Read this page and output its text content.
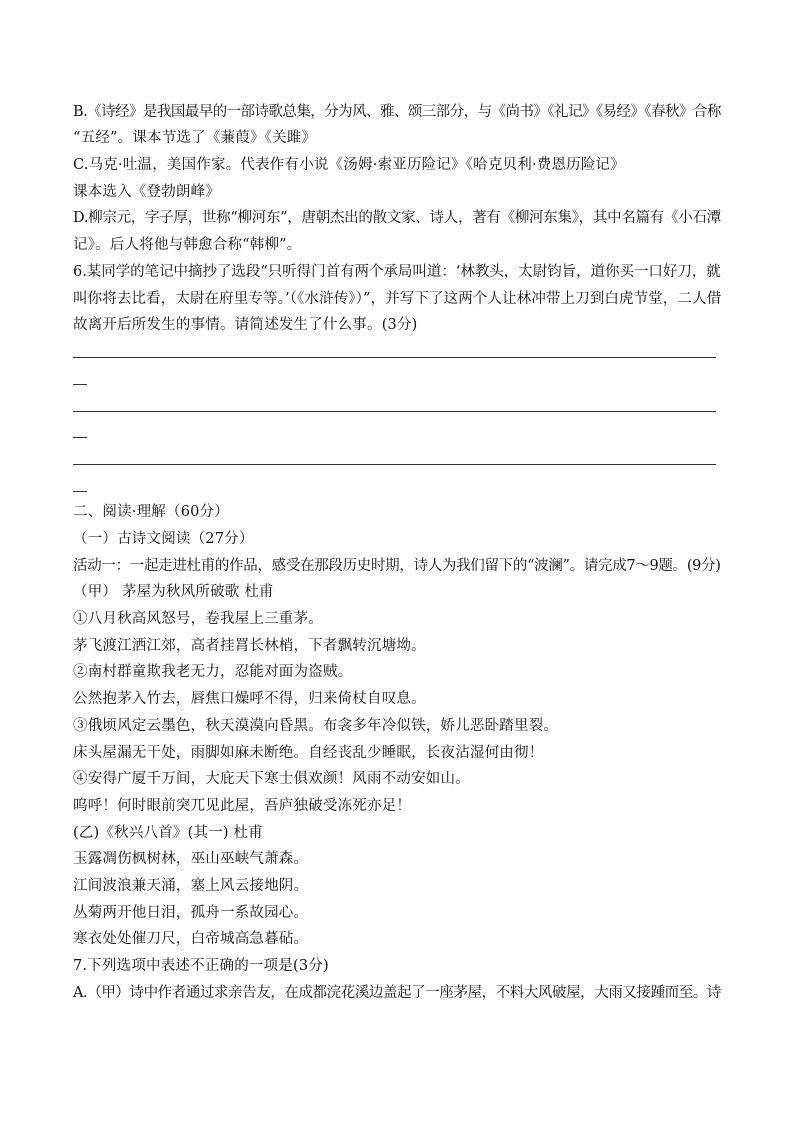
B.《诗经》是我国最早的一部诗歌总集，分为风、雅、颂三部分，与《尚书》《礼记》《易经》《春秋》合称
“五经”。课本节选了《蒹葭》《关雎》
C.马克·吐温，美国作家。代表作有小说《汤姆·索亚历险记》《哈克贝利·费恩历险记》
课本选入《登勃朗峰》
D.柳宗元，字子厚，世称“柳河东”，唐朝杰出的散文家、诗人，著有《柳河东集》，其中名篇有《小石潭
记》。后人将他与韩愈合称“韩柳”。
6.某同学的笔记中摘抄了选段“只听得门首有两个承局叫道：‘林教头，太尉钧旨，道你买一口好刀，就
叫你将去比看，太尉在府里专等。’（《水浒传》）”，并写下了这两个人让林冲带上刀到白虎节堂，二人借
故离开后所发生的事情。请简述发生了什么事。(3分)
二、阅读·理解（60分）
（一）古诗文阅读（27分）
活动一：一起走进杜甫的作品，感受在那段历史时期，诗人为我们留下的“波澜”。请完成7～9题。(9分)
（甲） 茅屋为秋风所破歌 杜甫
①八月秋高风怒号，卷我屋上三重茅。
茅飞渡江洒江郊，高者挂罥长林梢，下者飘转沉塘坳。
②南村群童欺我老无力，忍能对面为盗贼。
公然抱茅入竹去，唇焦口燥呼不得，归来倚杖自叹息。
③俄顷风定云墨色，秋天漠漠向昏黑。布衾多年冷似铁，娇儿恶卧踏里裂。
床头屋漏无干处，雨脚如麻未断绝。自经丧乱少睡眠，长夜沾湿何由彻！
④安得广厦千万间，大庇天下寒士俱欢颜！风雨不动安如山。
呜呼！何时眼前突兀见此屋，吾庐独破受冻死亦足！
(乙)《秋兴八首》(其一) 杜甫
玉露凋伤枫树林，巫山巫峡气萧森。
江间波浪兼天涌，塞上风云接地阴。
丛菊两开他日泪，孤舟一系故园心。
寒衣处处催刀尺，白帝城高急暮砧。
7.下列选项中表述不正确的一项是(3分)
A.（甲）诗中作者通过求亲告友，在成都浣花溪边盖起了一座茅屋，不料大风破屋，大雨又接踵而至。诗
